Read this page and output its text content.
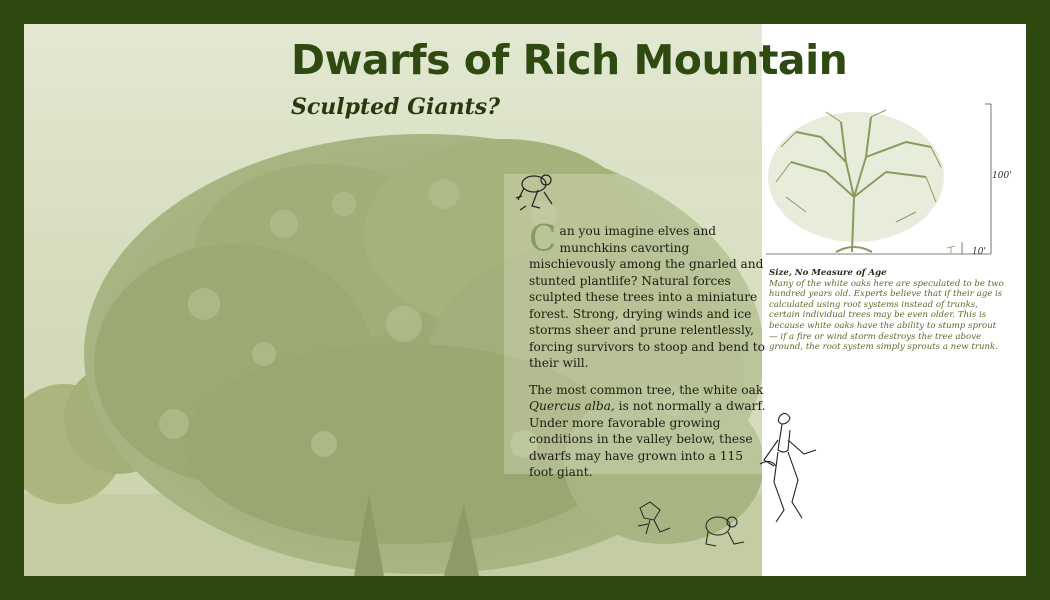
Dwarfs of Rich Mountain
Sculpted Giants?

Can you imagine elves and munchkins cavorting mischievously among the gnarled and stunted plantlife? Natural forces sculpted these trees into a miniature forest. Strong, drying winds and ice storms sheer and prune relentlessly, forcing survivors to stoop and bend to their will.

The most common tree, the white oak Quercus alba, is not normally a dwarf. Under more favorable growing conditions in the valley below, these dwarfs may have grown into a 115 foot giant.

100'
10'
Size, No Measure of Age
Many of the white oaks here are speculated to be two hundred years old. Experts believe that if their age is calculated using root systems instead of trunks, certain individual trees may be even older. This is because white oaks have the ability to stump sprout — if a fire or wind storm destroys the tree above ground, the root system simply sprouts a new trunk.
